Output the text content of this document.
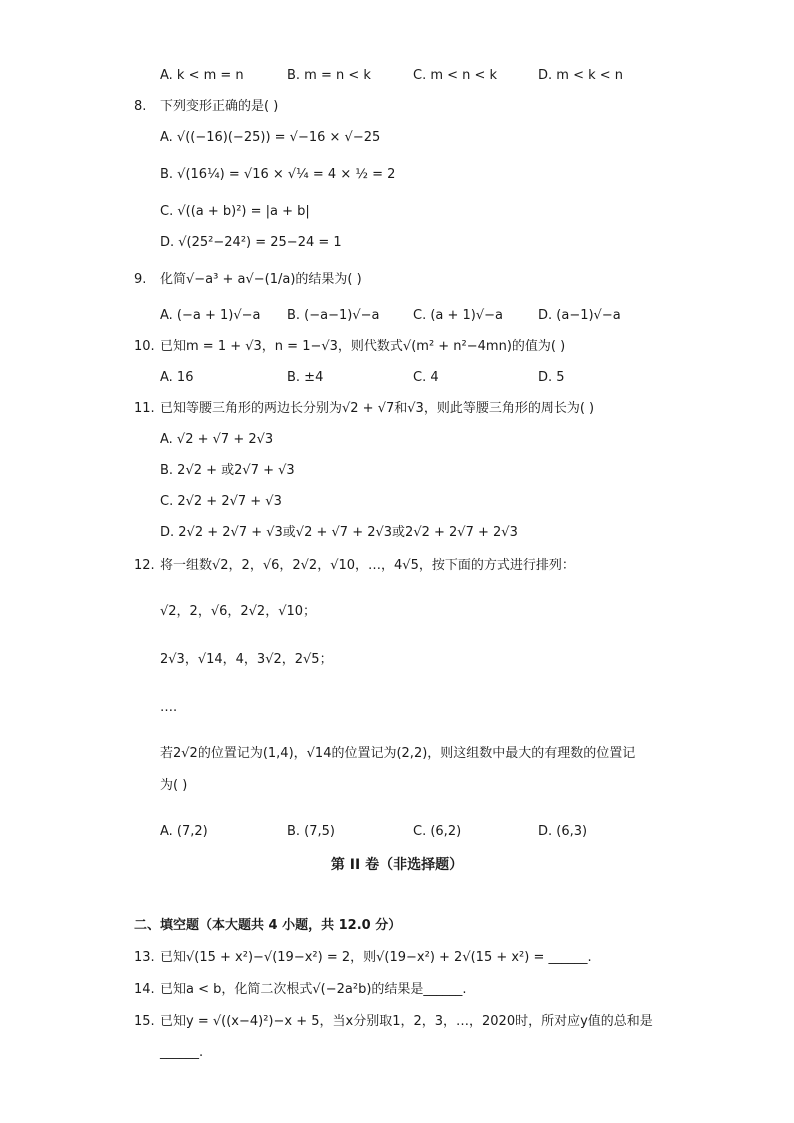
A. k < m = n	B. m = n < k	C. m < n < k	D. m < k < n
8. 下列变形正确的是( )
A. √((−16)(−25)) = √−16 × √−25
B. √(16¼) = √16 × √¼ = 4 × ½ = 2
C. √((a + b)²) = |a + b|
D. √(25²−24²) = 25−24 = 1
9. 化简√−a³ + a√−(1/a)的结果为( )
A. (−a + 1)√−a B. (−a−1)√−a	C. (a + 1)√−a	D. (a−1)√−a
10. 已知m = 1 + √3，n = 1−√3，则代数式√(m² + n²−4mn)的值为( )
A. 16	B. ±4	C. 4	D. 5
11. 已知等腰三角形的两边长分别为√2 + √7和√3，则此等腰三角形的周长为( )
A. √2 + √7 + 2√3
B. 2√2 + 或2√7 + √3
C. 2√2 + 2√7 + √3
D. 2√2 + 2√7 + √3或√2 + √7 + 2√3或2√2 + 2√7 + 2√3
12. 将一组数√2，2，√6，2√2，√10，…，4√5，按下面的方式进行排列：
√2，2，√6，2√2，√10；
2√3，√14，4，3√2，2√5；
….
若2√2的位置记为(1,4)，√14的位置记为(2,2)，则这组数中最大的有理数的位置记
为( )
A. (7,2)	B. (7,5)	C. (6,2)	D. (6,3)
第 II 卷（非选择题）
二、填空题（本大题共 4 小题，共 12.0 分）
13. 已知√(15 + x²)−√(19−x²) = 2，则√(19−x²) + 2√(15 + x²) = ______.
14. 已知a < b，化简二次根式√(−2a²b)的结果是______.
15. 已知y = √((x−4)²)−x + 5，当x分别取1，2，3，…，2020时，所对应y值的总和是
______.
